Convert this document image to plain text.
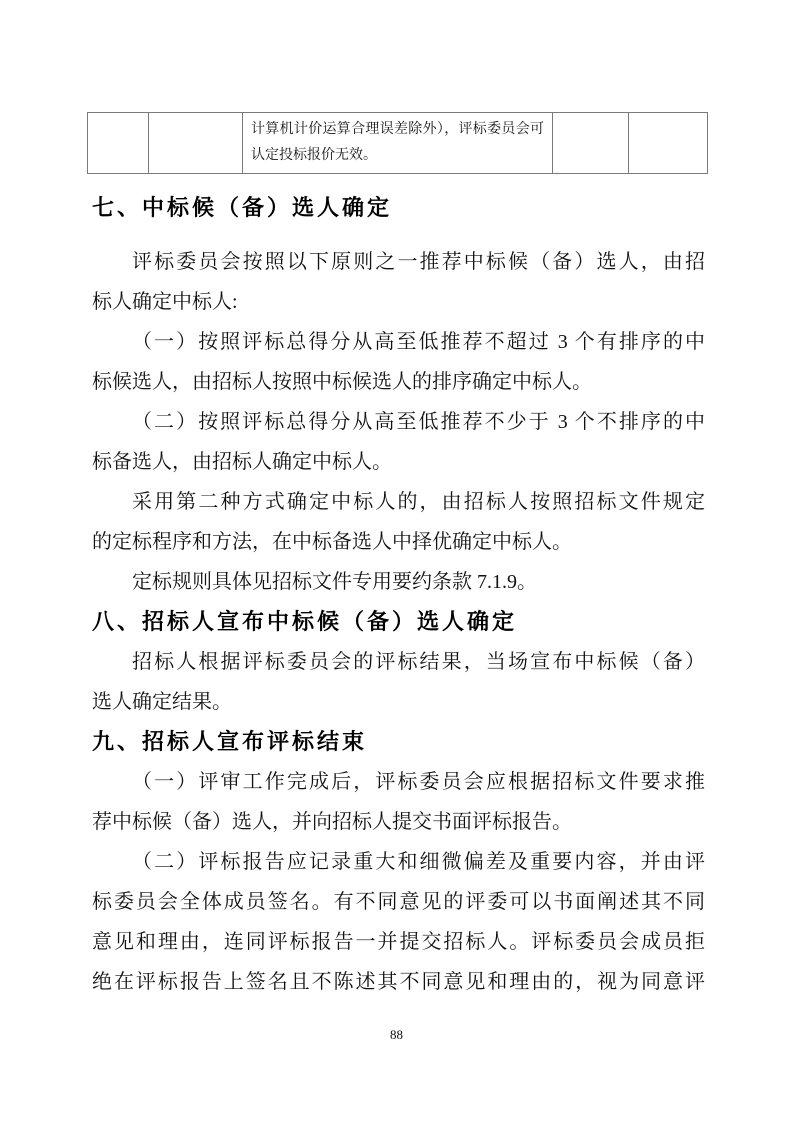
		计算机计价运算合理误差除外），评标委员会可认定投标报价无效。		
七、中标候（备）选人确定
评标委员会按照以下原则之一推荐中标候（备）选人，由招
标人确定中标人:
（一）按照评标总得分从高至低推荐不超过 3 个有排序的中
标候选人，由招标人按照中标候选人的排序确定中标人。
（二）按照评标总得分从高至低推荐不少于 3 个不排序的中
标备选人，由招标人确定中标人。
采用第二种方式确定中标人的，由招标人按照招标文件规定
的定标程序和方法，在中标备选人中择优确定中标人。
定标规则具体见招标文件专用要约条款 7.1.9。
八、招标人宣布中标候（备）选人确定
招标人根据评标委员会的评标结果，当场宣布中标候（备）
选人确定结果。
九、招标人宣布评标结束
（一）评审工作完成后，评标委员会应根据招标文件要求推
荐中标候（备）选人，并向招标人提交书面评标报告。
（二）评标报告应记录重大和细微偏差及重要内容，并由评
标委员会全体成员签名。有不同意见的评委可以书面阐述其不同
意见和理由，连同评标报告一并提交招标人。评标委员会成员拒
绝在评标报告上签名且不陈述其不同意见和理由的，视为同意评
88
